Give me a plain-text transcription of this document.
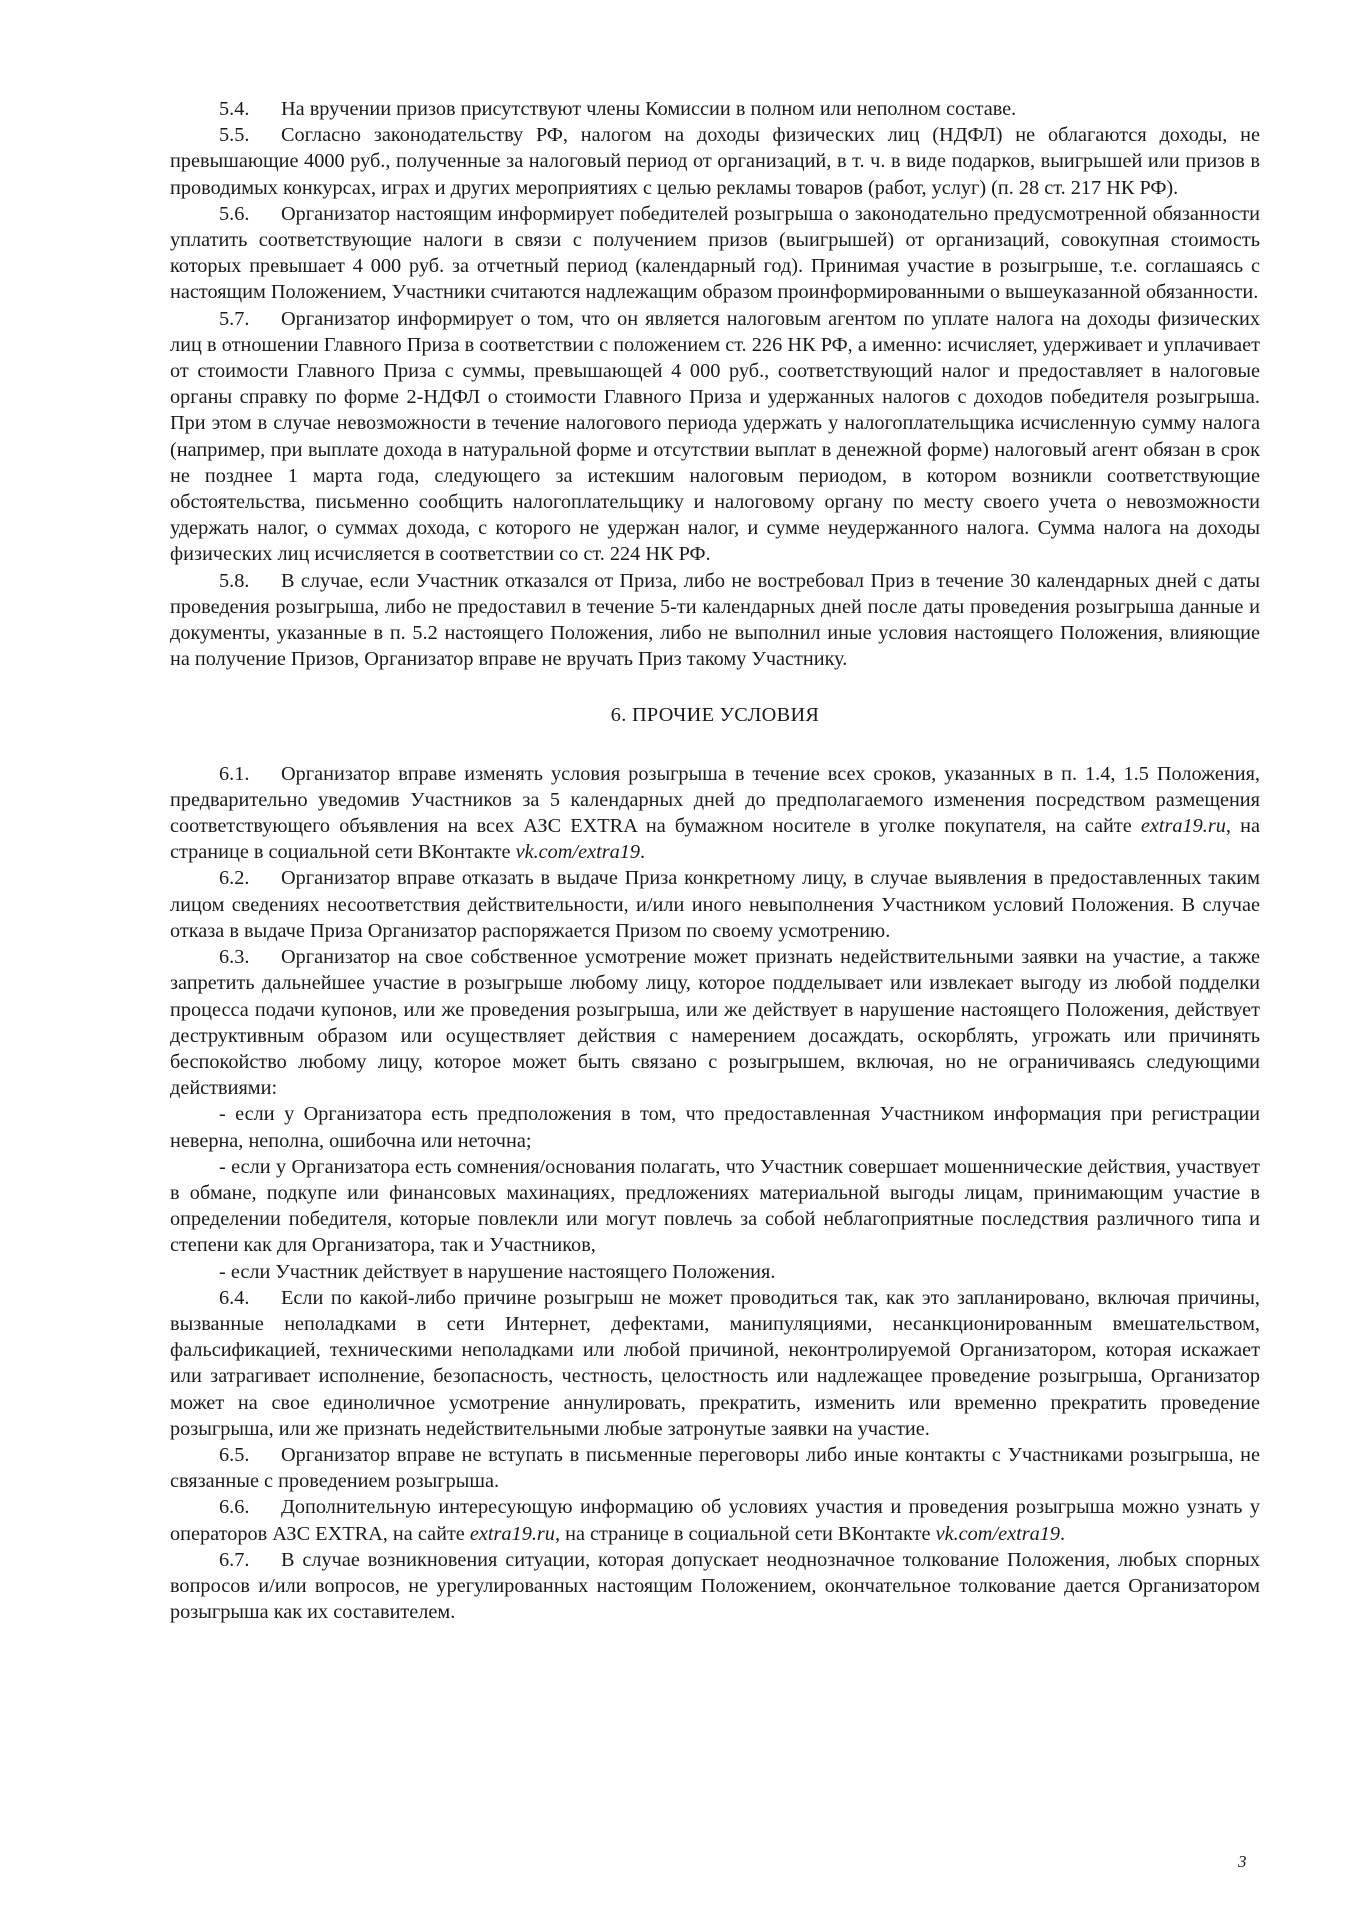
5.4. На вручении призов присутствуют члены Комиссии в полном или неполном составе.

5.5. Согласно законодательству РФ, налогом на доходы физических лиц (НДФЛ) не облагаются доходы, не превышающие 4000 руб., полученные за налоговый период от организаций, в т. ч. в виде подарков, выигрышей или призов в проводимых конкурсах, играх и других мероприятиях с целью рекламы товаров (работ, услуг) (п. 28 ст. 217 НК РФ).

5.6. Организатор настоящим информирует победителей розыгрыша о законодательно предусмотренной обязанности уплатить соответствующие налоги в связи с получением призов (выигрышей) от организаций, совокупная стоимость которых превышает 4 000 руб. за отчетный период (календарный год). Принимая участие в розыгрыше, т.е. соглашаясь с настоящим Положением, Участники считаются надлежащим образом проинформированными о вышеуказанной обязанности.

5.7. Организатор информирует о том, что он является налоговым агентом по уплате налога на доходы физических лиц в отношении Главного Приза в соответствии с положением ст. 226 НК РФ, а именно: исчисляет, удерживает и уплачивает от стоимости Главного Приза с суммы, превышающей 4 000 руб., соответствующий налог и предоставляет в налоговые органы справку по форме 2-НДФЛ о стоимости Главного Приза и удержанных налогов с доходов победителя розыгрыша. При этом в случае невозможности в течение налогового периода удержать у налогоплательщика исчисленную сумму налога (например, при выплате дохода в натуральной форме и отсутствии выплат в денежной форме) налоговый агент обязан в срок не позднее 1 марта года, следующего за истекшим налоговым периодом, в котором возникли соответствующие обстоятельства, письменно сообщить налогоплательщику и налоговому органу по месту своего учета о невозможности удержать налог, о суммах дохода, с которого не удержан налог, и сумме неудержанного налога. Сумма налога на доходы физических лиц исчисляется в соответствии со ст. 224 НК РФ.

5.8. В случае, если Участник отказался от Приза, либо не востребовал Приз в течение 30 календарных дней с даты проведения розыгрыша, либо не предоставил в течение 5-ти календарных дней после даты проведения розыгрыша данные и документы, указанные в п. 5.2 настоящего Положения, либо не выполнил иные условия настоящего Положения, влияющие на получение Призов, Организатор вправе не вручать Приз такому Участнику.

6. ПРОЧИЕ УСЛОВИЯ

6.1. Организатор вправе изменять условия розыгрыша в течение всех сроков, указанных в п. 1.4, 1.5 Положения, предварительно уведомив Участников за 5 календарных дней до предполагаемого изменения посредством размещения соответствующего объявления на всех АЗС EXTRA на бумажном носителе в уголке покупателя, на сайте extra19.ru, на странице в социальной сети ВКонтакте vk.com/extra19.

6.2. Организатор вправе отказать в выдаче Приза конкретному лицу, в случае выявления в предоставленных таким лицом сведениях несоответствия действительности, и/или иного невыполнения Участником условий Положения. В случае отказа в выдаче Приза Организатор распоряжается Призом по своему усмотрению.

6.3. Организатор на свое собственное усмотрение может признать недействительными заявки на участие, а также запретить дальнейшее участие в розыгрыше любому лицу, которое подделывает или извлекает выгоду из любой подделки процесса подачи купонов, или же проведения розыгрыша, или же действует в нарушение настоящего Положения, действует деструктивным образом или осуществляет действия с намерением досаждать, оскорблять, угрожать или причинять беспокойство любому лицу, которое может быть связано с розыгрышем, включая, но не ограничиваясь следующими действиями:

- если у Организатора есть предположения в том, что предоставленная Участником информация при регистрации неверна, неполна, ошибочна или неточна;

- если у Организатора есть сомнения/основания полагать, что Участник совершает мошеннические действия, участвует в обмане, подкупе или финансовых махинациях, предложениях материальной выгоды лицам, принимающим участие в определении победителя, которые повлекли или могут повлечь за собой неблагоприятные последствия различного типа и степени как для Организатора, так и Участников,

- если Участник действует в нарушение настоящего Положения.

6.4. Если по какой-либо причине розыгрыш не может проводиться так, как это запланировано, включая причины, вызванные неполадками в сети Интернет, дефектами, манипуляциями, несанкционированным вмешательством, фальсификацией, техническими неполадками или любой причиной, неконтролируемой Организатором, которая искажает или затрагивает исполнение, безопасность, честность, целостность или надлежащее проведение розыгрыша, Организатор может на свое единоличное усмотрение аннулировать, прекратить, изменить или временно прекратить проведение розыгрыша, или же признать недействительными любые затронутые заявки на участие.

6.5. Организатор вправе не вступать в письменные переговоры либо иные контакты с Участниками розыгрыша, не связанные с проведением розыгрыша.

6.6. Дополнительную интересующую информацию об условиях участия и проведения розыгрыша можно узнать у операторов АЗС EXTRA, на сайте extra19.ru, на странице в социальной сети ВКонтакте vk.com/extra19.

6.7. В случае возникновения ситуации, которая допускает неоднозначное толкование Положения, любых спорных вопросов и/или вопросов, не урегулированных настоящим Положением, окончательное толкование дается Организатором розыгрыша как их составителем.

3
